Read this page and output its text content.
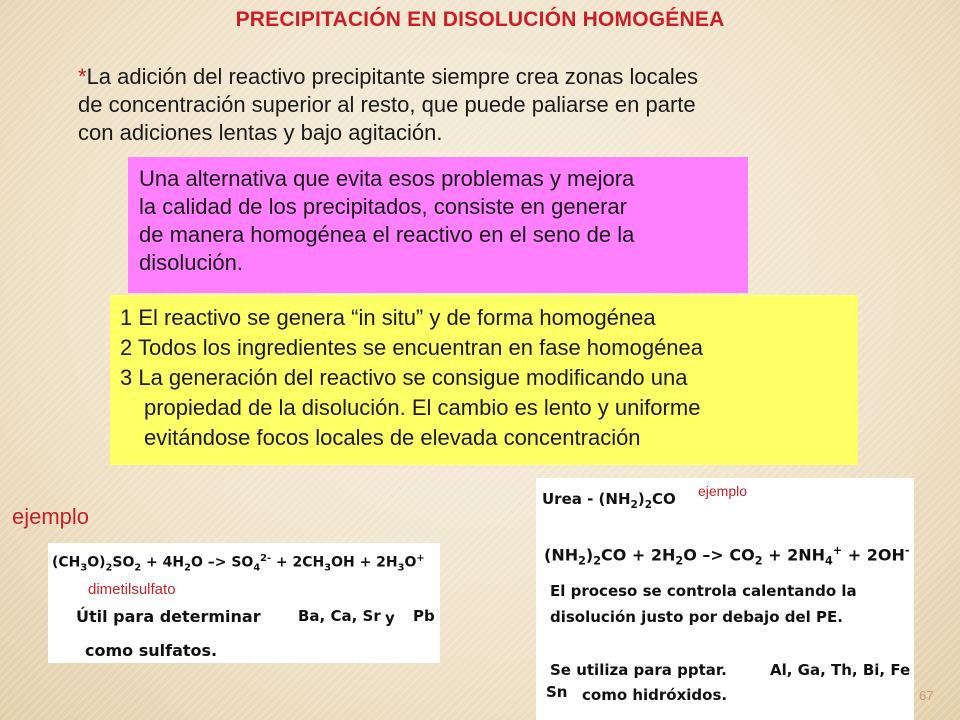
PRECIPITACIÓN EN DISOLUCIÓN HOMOGÉNEA
*La adición del reactivo precipitante siempre crea zonas locales
de concentración superior al resto, que puede paliarse en parte
con adiciones lentas y bajo agitación.
Una alternativa que evita esos problemas y mejora
la calidad de los precipitados, consiste en generar
de manera homogénea el reactivo en el seno de la
disolución.
1 El reactivo se genera “in situ” y de forma homogénea
2 Todos los ingredientes se encuentran en fase homogénea
3 La generación del reactivo se consigue modificando una
propiedad de la disolución. El cambio es lento y uniforme
evitándose focos locales de elevada concentración
ejemplo
$(CH_3O)_2SO_2 + 4H_2O -> SO_4^{2-} + 2CH_3OH + 2H_3O^+$
dimetilsulfato
Útil para determinar Ba, Ca, Sr y Pb
como sulfatos.
Urea - $(NH_2)_2CO$ ejemplo
$(NH_2)_2CO + 2H_2O -> CO_2 + 2NH_4^+ + 2OH^-$
El proceso se controla calentando la
disolución justo por debajo del PE.
Se utiliza para pptar.	Al, Ga, Th, Bi, Fe
Sn como hidróxidos.	67
